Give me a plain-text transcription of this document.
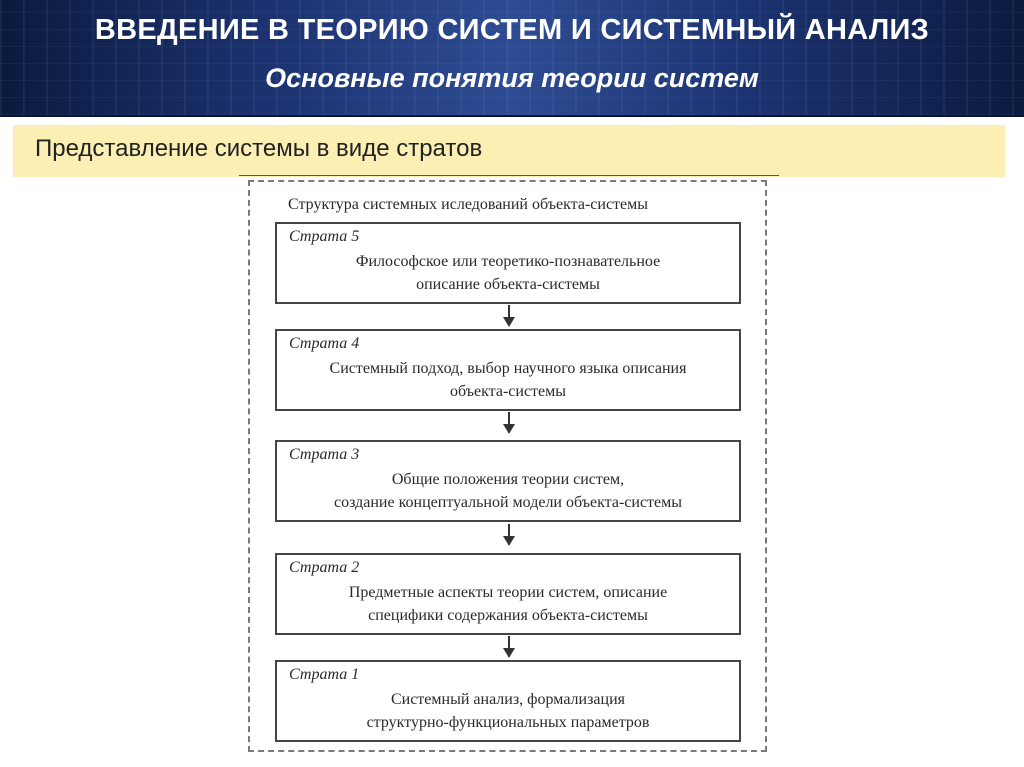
ВВЕДЕНИЕ В ТЕОРИЮ СИСТЕМ И СИСТЕМНЫЙ АНАЛИЗ
Основные понятия теории систем
Представление системы в виде стратов
Структура системных иследований объекта-системы
Страта 5
Философское или теоретико-познавательное
описание объекта-системы
Страта 4
Системный подход, выбор научного языка описания
объекта-системы
Страта 3
Общие положения теории систем,
создание концептуальной модели объекта-системы
Страта 2
Предметные аспекты теории систем, описание
специфики содержания объекта-системы
Страта 1
Системный анализ, формализация
структурно-функциональных параметров
